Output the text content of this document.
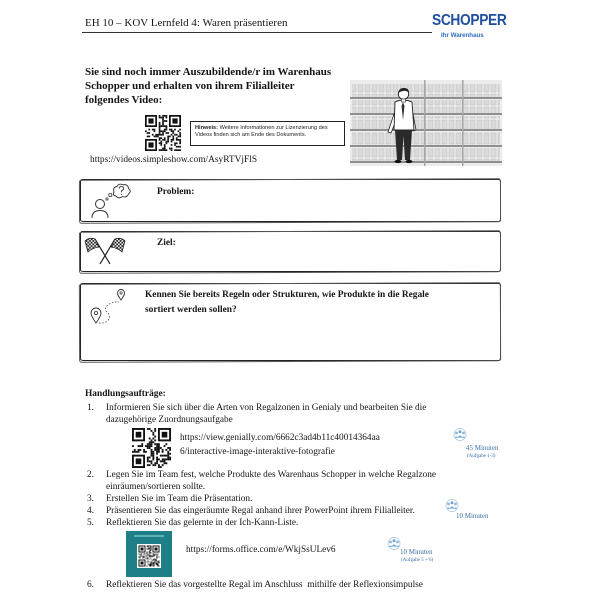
EH 10 – KOV Lernfeld 4: Waren präsentieren	SCHOPPER
Ihr Warenhaus
Sie sind noch immer Auszubildende/r im Warenhaus
Schopper und erhalten von ihrem Filialleiter
folgendes Video:
Hinweis: Weitere Informationen zur Lizenzierung des Videos finden sich am Ende des Dokuments.
https://videos.simpleshow.com/AsyRTVjFlS
Problem:
Ziel:
Kennen Sie bereits Regeln oder Strukturen, wie Produkte in die Regale
sortiert werden sollen?
Handlungsaufträge:
1. Informieren Sie sich über die Arten von Regalzonen in Genialy und bearbeiten Sie die
dazugehörige Zuordnungsaufgabe
https://view.genially.com/6662c3ad4b11c40014364aa
6/interactive-image-interaktive-fotografie	45 Minuten
(Aufgabe 1-3)
2. Legen Sie im Team fest, welche Produkte des Warenhaus Schopper in welche Regalzone
einräumen/sortieren sollte.
3. Erstellen Sie im Team die Präsentation.
4. Präsentieren Sie das eingeräumte Regal anhand ihrer PowerPoint ihrem Filialleiter.	10 Minuten
5. Reflektieren Sie das gelernte in der Ich-Kann-Liste.
https://forms.office.com/e/WkjSsULev6	10 Minuten
(Aufgabe 5 + 6)
6. Reflektieren Sie das vorgestellte Regal im Anschluss  mithilfe der Reflexionsimpulse
